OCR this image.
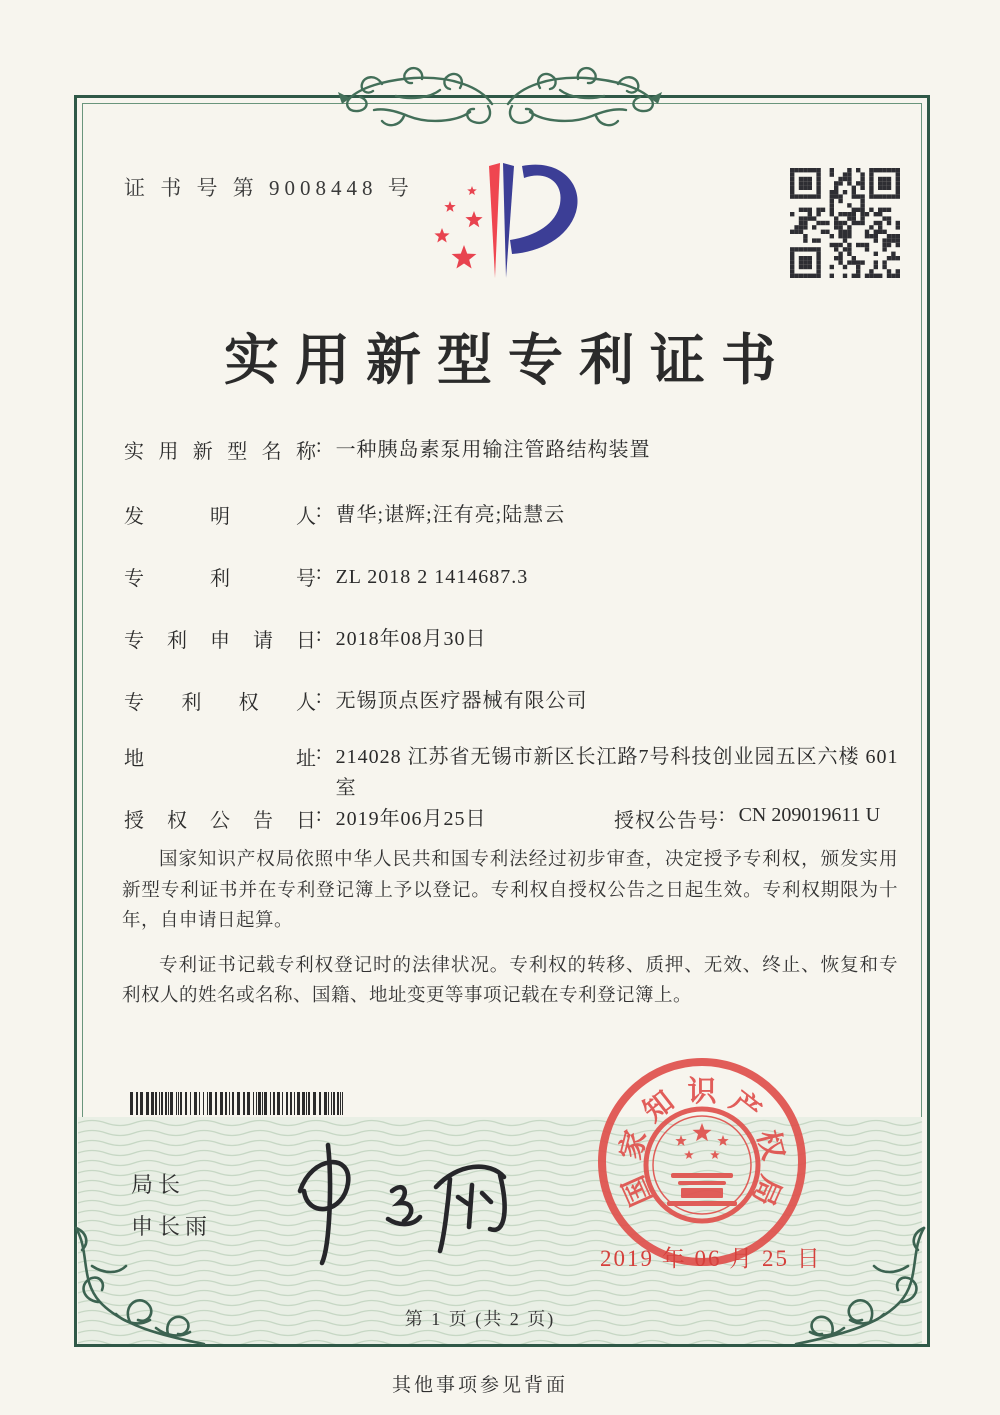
证 书 号 第 9008448 号
实用新型专利证书
实用新型名称 : 一种胰岛素泵用输注管路结构装置
发明人 : 曹华;谌辉;汪有亮;陆慧云
专利号 : ZL 2018 2 1414687.3
专利申请日 : 2018年08月30日
专利权人 : 无锡顶点医疗器械有限公司
地址 : 214028 江苏省无锡市新区长江路7号科技创业园五区六楼 601室
授权公告日 : 2019年06月25日	授权公告号 : CN 209019611 U

国家知识产权局依照中华人民共和国专利法经过初步审查，决定授予专利权，颁发实用新型专利证书并在专利登记簿上予以登记。专利权自授权公告之日起生效。专利权期限为十年，自申请日起算。

专利证书记载专利权登记时的法律状况。专利权的转移、质押、无效、终止、恢复和专利权人的姓名或名称、国籍、地址变更等事项记载在专利登记簿上。

局长
申长雨
国
家
知 识 产
权
局
2019 年 06 月 25 日
第 1 页 (共 2 页)
其他事项参见背面
